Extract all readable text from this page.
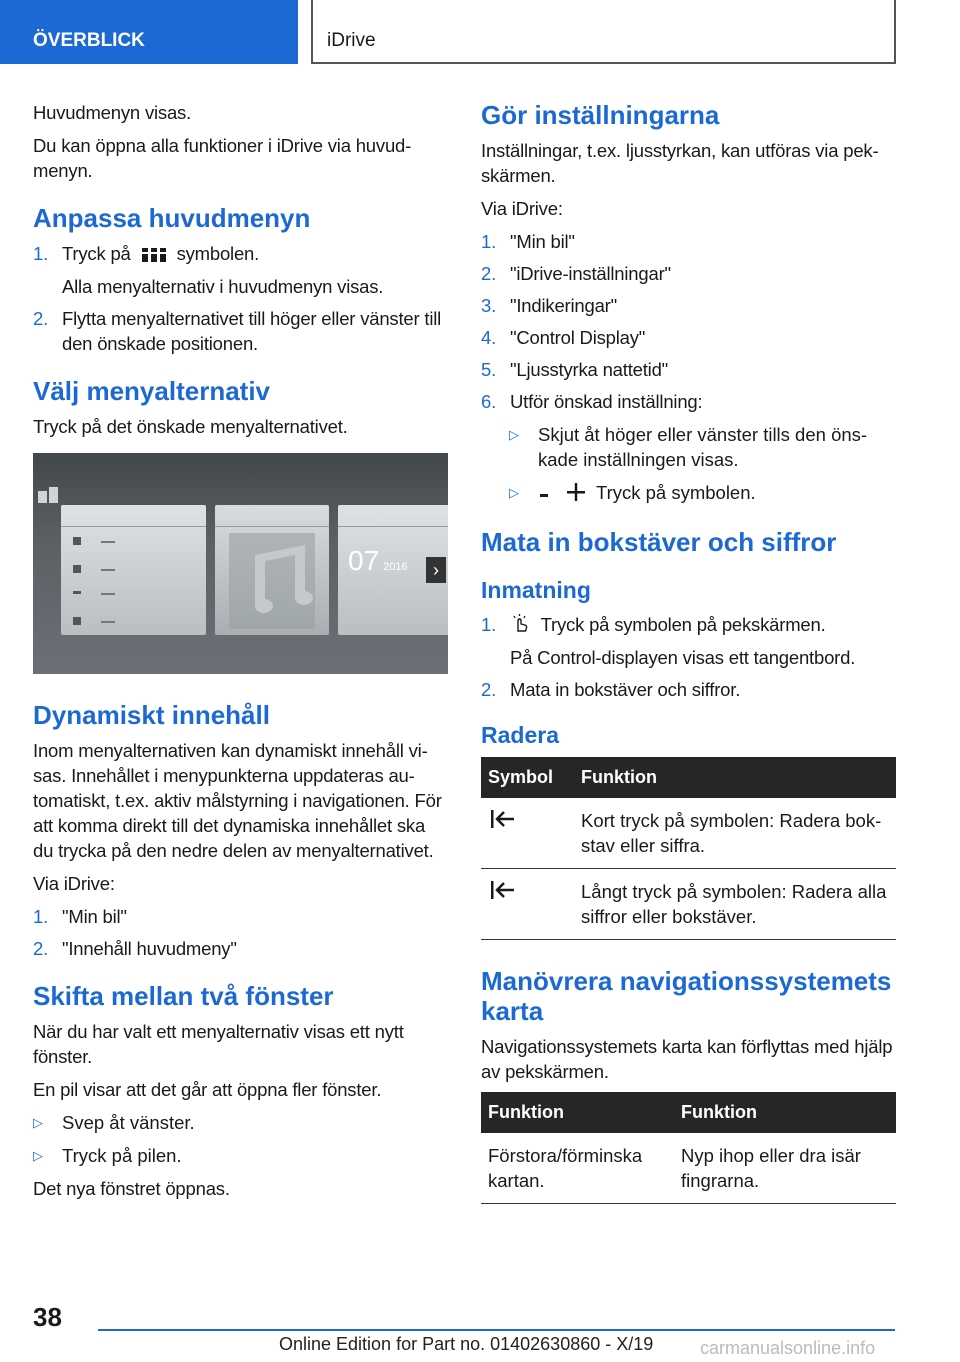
ÖVERBLICK	iDrive

Huvudmenyn visas.

Du kan öppna alla funktioner i iDrive via huvudmenyn.

Anpassa huvudmenyn
1. Tryck på symbolen.
Alla menyalternativ i huvudmenyn visas.
2. Flytta menyalternativet till höger eller vänster till den önskade positionen.
Välj menyalternativ

Tryck på det önskade menyalternativet.

07 2016	›
Dynamiskt innehåll

Inom menyalternativen kan dynamiskt innehåll visas. Innehållet i menypunkterna uppdateras automatiskt, t.ex. aktiv målstyrning i navigationen. För att komma direkt till det dynamiska innehållet ska du trycka på den nedre delen av menyalternativet.

Via iDrive:

1. "Min bil"
2. "Innehåll huvudmeny"
Skifta mellan två fönster

När du har valt ett menyalternativ visas ett nytt fönster.

En pil visar att det går att öppna fler fönster.

▷ Svep åt vänster.
▷ Tryck på pilen.

Det nya fönstret öppnas.

Gör inställningarna

Inställningar, t.ex. ljusstyrkan, kan utföras via pekskärmen.

Via iDrive:

1. "Min bil"
2. "iDrive-inställningar"
3. "Indikeringar"
4. "Control Display"
5. "Ljusstyrka nattetid"
6. Utför önskad inställning:
▷ Skjut åt höger eller vänster tills den önskade inställningen visas.
▷	Tryck på symbolen.
Mata in bokstäver och siffror
Inmatning
1. Tryck på symbolen på pekskärmen.
På Control-displayen visas ett tangentbord.
2. Mata in bokstäver och siffror.
Radera
Symbol	Funktion
	Kort tryck på symbolen: Radera bokstav eller siffra.
	Långt tryck på symbolen: Radera alla siffror eller bokstäver.
Manövrera navigationssystemets karta

Navigationssystemets karta kan förflyttas med hjälp av pekskärmen.

Funktion	Funktion
Förstora/förminska kartan.	Nyp ihop eller dra isär fingrarna.
38
Online Edition for Part no. 01402630860 - X/19	carmanualsonline.info
